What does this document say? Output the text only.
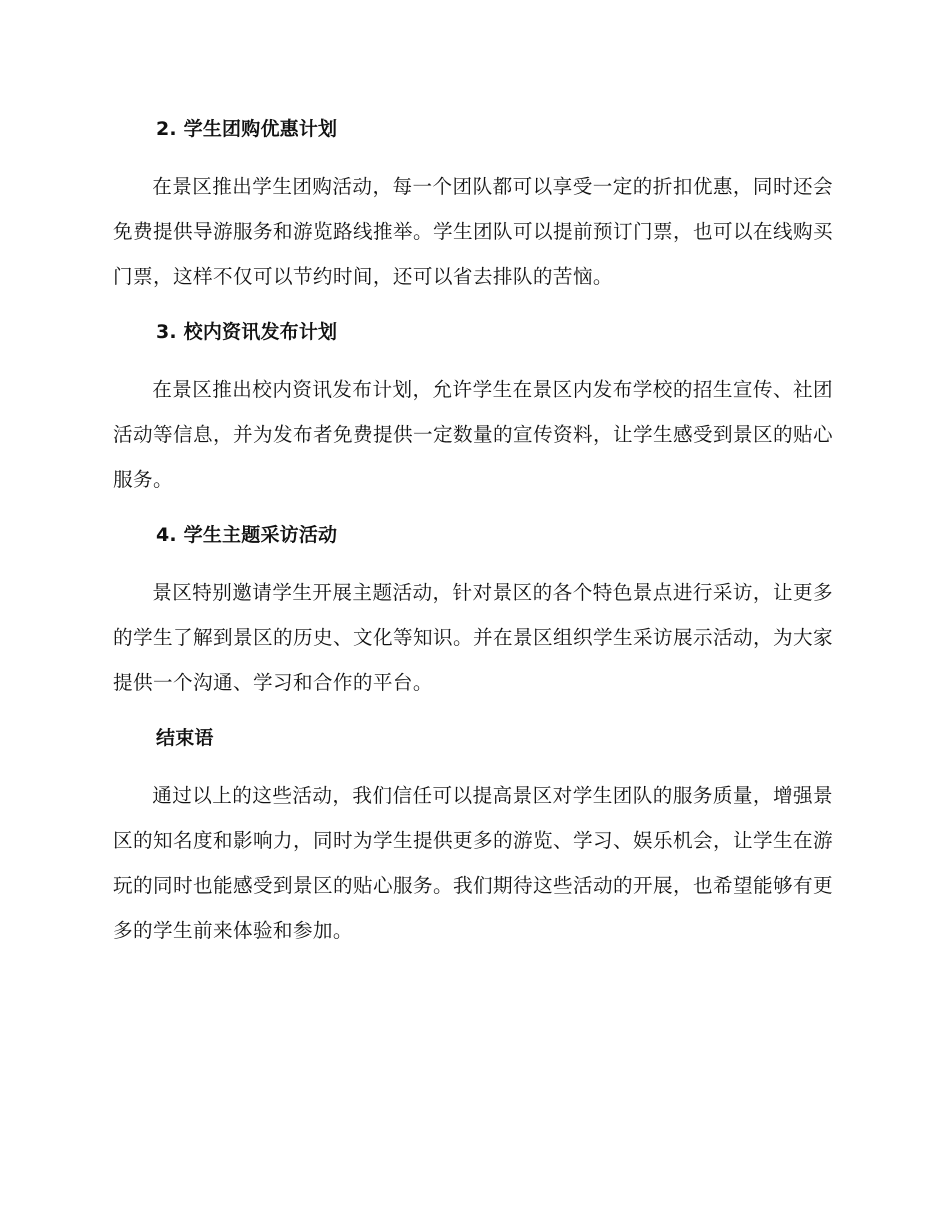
2. 学生团购优惠计划

在景区推出学生团购活动，每一个团队都可以享受一定的折扣优惠，同时还会免费提供导游服务和游览路线推举。学生团队可以提前预订门票，也可以在线购买门票，这样不仅可以节约时间，还可以省去排队的苦恼。

3. 校内资讯发布计划

在景区推出校内资讯发布计划，允许学生在景区内发布学校的招生宣传、社团活动等信息，并为发布者免费提供一定数量的宣传资料，让学生感受到景区的贴心服务。

4. 学生主题采访活动

景区特别邀请学生开展主题活动，针对景区的各个特色景点进行采访，让更多的学生了解到景区的历史、文化等知识。并在景区组织学生采访展示活动，为大家提供一个沟通、学习和合作的平台。

结束语

通过以上的这些活动，我们信任可以提高景区对学生团队的服务质量，增强景区的知名度和影响力，同时为学生提供更多的游览、学习、娱乐机会，让学生在游玩的同时也能感受到景区的贴心服务。我们期待这些活动的开展，也希望能够有更多的学生前来体验和参加。
